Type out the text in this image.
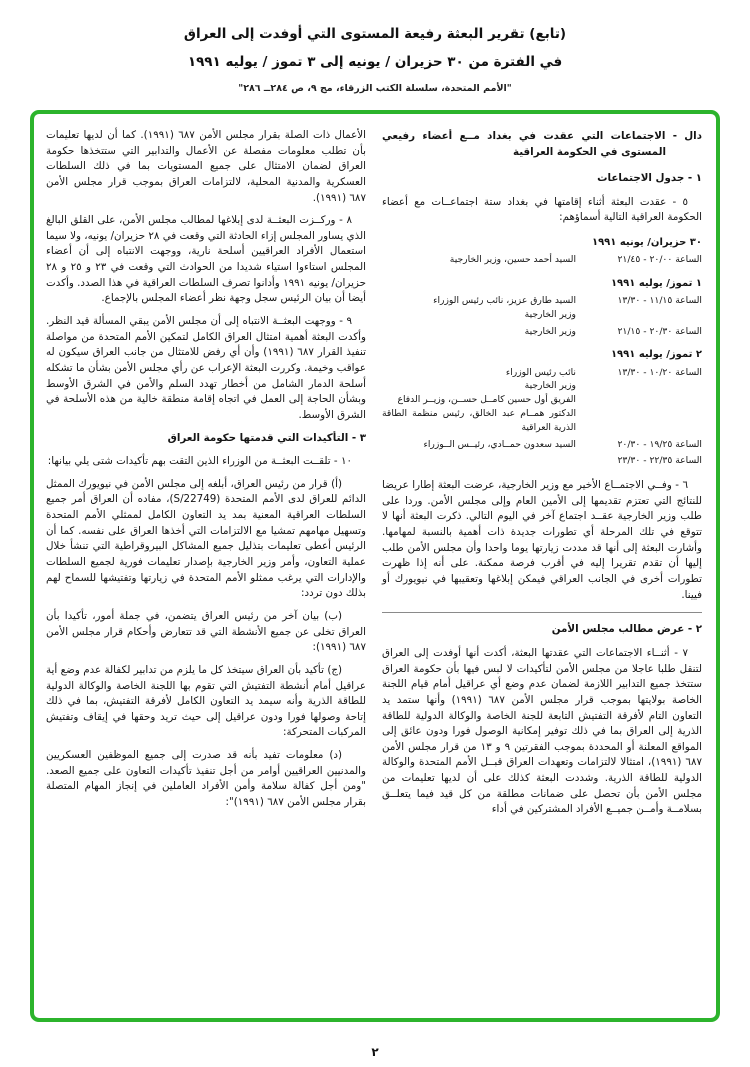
(تابع) تقرير البعثة رفيعة المستوى التي أوفدت إلى العراق
في الفترة من ٣٠ حزيران / يونيه إلى ٣ تموز / يوليه ١٩٩١
"الأمم المتحدة، سلسلة الكتب الزرقاء، مج ٩، ص ٢٨٤ــ ٢٨٦"
دال - الاجتماعات التي عقدت في بغداد مــع أعضاء رفيعي المستوى في الحكومة العراقية
١ - جدول الاجتماعات
٥ - عقدت البعثة أثناء إقامتها في بغداد ستة اجتماعــات مع أعضاء الحكومة العراقية التالية أسماؤهم:
٣٠ حزيران/ يونيه ١٩٩١
الساعة ٢٠/٠٠ - ٢١/٤٥
السيد أحمد حسين، وزير الخارجية
١ تموز/ يوليه ١٩٩١
الساعة ١١/١٥ - ١٣/٣٠
السيد طارق عزيز، نائب رئيس الوزراء
وزير الخارجية
الساعة ٢٠/٣٠ - ٢١/١٥
وزير الخارجية
٢ تموز/ يوليه ١٩٩١
الساعة ١٠/٢٠ - ١٣/٣٠
نائب رئيس الوزراء
وزير الخارجية
الفريق أول حسين كامــل حســن، وزيــر الدفاع
الدكتور همــام عبد الخالق، رئيس منظمة الطاقة الذرية العراقية
الساعة ١٩/٢٥ - ٢٠/٣٠
السيد سعدون حمــادي، رئيــس الــوزراء
الساعة ٢٢/٣٥ - ٢٣/٣٠
٦ - وفــي الاجتمــاع الأخير مع وزير الخارجية، عرضت البعثة إطارا عريضا للنتائج التي تعتزم تقديمها إلى الأمين العام وإلى مجلس الأمن. وردا على طلب وزير الخارجية عقــد اجتماع آخر في اليوم التالي. ذكرت البعثة أنها لا تتوقع في تلك المرحلة أي تطورات جديدة ذات أهمية بالنسبة لمهامها. وأشارت البعثة إلى أنها قد مددت زيارتها يوما واحدا وأن مجلس الأمن طلب إليها أن تقدم تقريرا إليه في أقرب فرصة ممكنة. على أنه إذا ظهرت تطورات أخرى في الجانب العراقي فيمكن إبلاغها وتعقيبها في نيويورك أو فيينا.
٢ - عرض مطالب مجلس الأمن
٧ - أثنــاء الاجتماعات التي عقدتها البعثة، أكدت أنها أوفدت إلى العراق لتنقل طلبا عاجلا من مجلس الأمن لتأكيدات لا لبس فيها بأن حكومة العراق ستتخذ جميع التدابير اللازمة لضمان عدم وضع أي عراقيل أمام قيام اللجنة الخاصة بولايتها بموجب قرار مجلس الأمن ٦٨٧ (١٩٩١) وأنها ستمد يد التعاون التام لأفرقة التفتيش التابعة للجنة الخاصة والوكالة الدولية للطاقة الذرية إلى العراق بما في ذلك توفير إمكانية الوصول فورا ودون عائق إلى المواقع المعلنة أو المحددة بموجب الفقرتين ٩ و ١٣ من قرار مجلس الأمن ٦٨٧ (١٩٩١)، امتثالا لالتزامات وتعهدات العراق قبــل الأمم المتحدة والوكالة الدولية للطاقة الذرية. وشددت البعثة كذلك على أن لديها تعليمات من مجلس الأمن بأن تحصل على ضمانات مطلقة من كل قيد فيما يتعلــق بسلامــة وأمــن جميــع الأفراد المشتركين في أداء
الأعمال ذات الصلة بقرار مجلس الأمن ٦٨٧ (١٩٩١). كما أن لديها تعليمات بأن تطلب معلومات مفصلة عن الأعمال والتدابير التي ستتخذها حكومة العراق لضمان الامتثال على جميع المستويات بما في ذلك السلطات العسكرية والمدنية المحلية، لالتزامات العراق بموجب قرار مجلس الأمن ٦٨٧ (١٩٩١).
٨ - وركــزت البعثــة لدى إبلاغها لمطالب مجلس الأمن، على القلق البالغ الذي يساور المجلس إزاء الحادثة التي وقعت في ٢٨ حزيران/ يونيه، ولا سيما استعمال الأفراد العراقيين أسلحة نارية، ووجهت الانتباه إلى أن أعضاء المجلس استاءوا استياء شديدا من الحوادث التي وقعت في ٢٣ و ٢٥ و ٢٨ حزيران/ يونيه ١٩٩١ وأدانوا تصرف السلطات العراقية في هذا الصدد. وأكدت أيضا أن بيان الرئيس سجل وجهة نظر أعضاء المجلس بالإجماع.
٩ - ووجهت البعثــة الانتباه إلى أن مجلس الأمن يبقي المسألة قيد النظر. وأكدت البعثة أهمية امتثال العراق الكامل لتمكين الأمم المتحدة من مواصلة تنفيذ القرار ٦٨٧ (١٩٩١) وأن أي رفض للامتثال من جانب العراق سيكون له عواقب وخيمة. وكررت البعثة الإعراب عن رأي مجلس الأمن بشأن ما تشكله أسلحة الدمار الشامل من أخطار تهدد السلم والأمن في الشرق الأوسط وبشأن الحاجة إلى العمل في اتجاه إقامة منطقة خالية من هذه الأسلحة في الشرق الأوسط.
٣ - التأكيدات التي قدمتها حكومة العراق
١٠ - تلقــت البعثــة من الوزراء الذين التقت بهم تأكيدات شتى يلي بيانها:
(أ) قرار من رئيس العراق، أبلغه إلى مجلس الأمن في نيويورك الممثل الدائم للعراق لدى الأمم المتحدة (S/22749)، مفاده أن العراق أمر جميع السلطات العراقية المعنية بمد يد التعاون الكامل لممثلي الأمم المتحدة وتسهيل مهامهم تمشيا مع الالتزامات التي أخذها العراق على نفسه. كما أن الرئيس أعطى تعليمات بتذليل جميع المشاكل البيروقراطية التي تنشأ خلال عملية التعاون، وأمر وزير الخارجية بإصدار تعليمات فورية لجميع السلطات والإدارات التي يرغب ممثلو الأمم المتحدة في زيارتها وتفتيشها للسماح لهم بذلك دون تردد:
(ب) بيان آخر من رئيس العراق يتضمن، في جملة أمور، تأكيدا بأن العراق تخلى عن جميع الأنشطة التي قد تتعارض وأحكام قرار مجلس الأمن ٦٨٧ (١٩٩١):
(ج) تأكيد بأن العراق سيتخذ كل ما يلزم من تدابير لكفالة عدم وضع أية عراقيل أمام أنشطة التفتيش التي تقوم بها اللجنة الخاصة والوكالة الدولية للطاقة الذرية وأنه سيمد يد التعاون الكامل لأفرقة التفتيش، بما في ذلك إتاحة وصولها فورا ودون عراقيل إلى حيث تريد وحقها في إيقاف وتفتيش المركبات المتحركة:
(د) معلومات تفيد بأنه قد صدرت إلى جميع الموظفين العسكريين والمدنيين العراقيين أوامر من أجل تنفيذ تأكيدات التعاون على جميع الصعد. "ومن أجل كفالة سلامة وأمن الأفراد العاملين في إنجاز المهام المتصلة بقرار مجلس الأمن ٦٨٧ (١٩٩١)":
٢
